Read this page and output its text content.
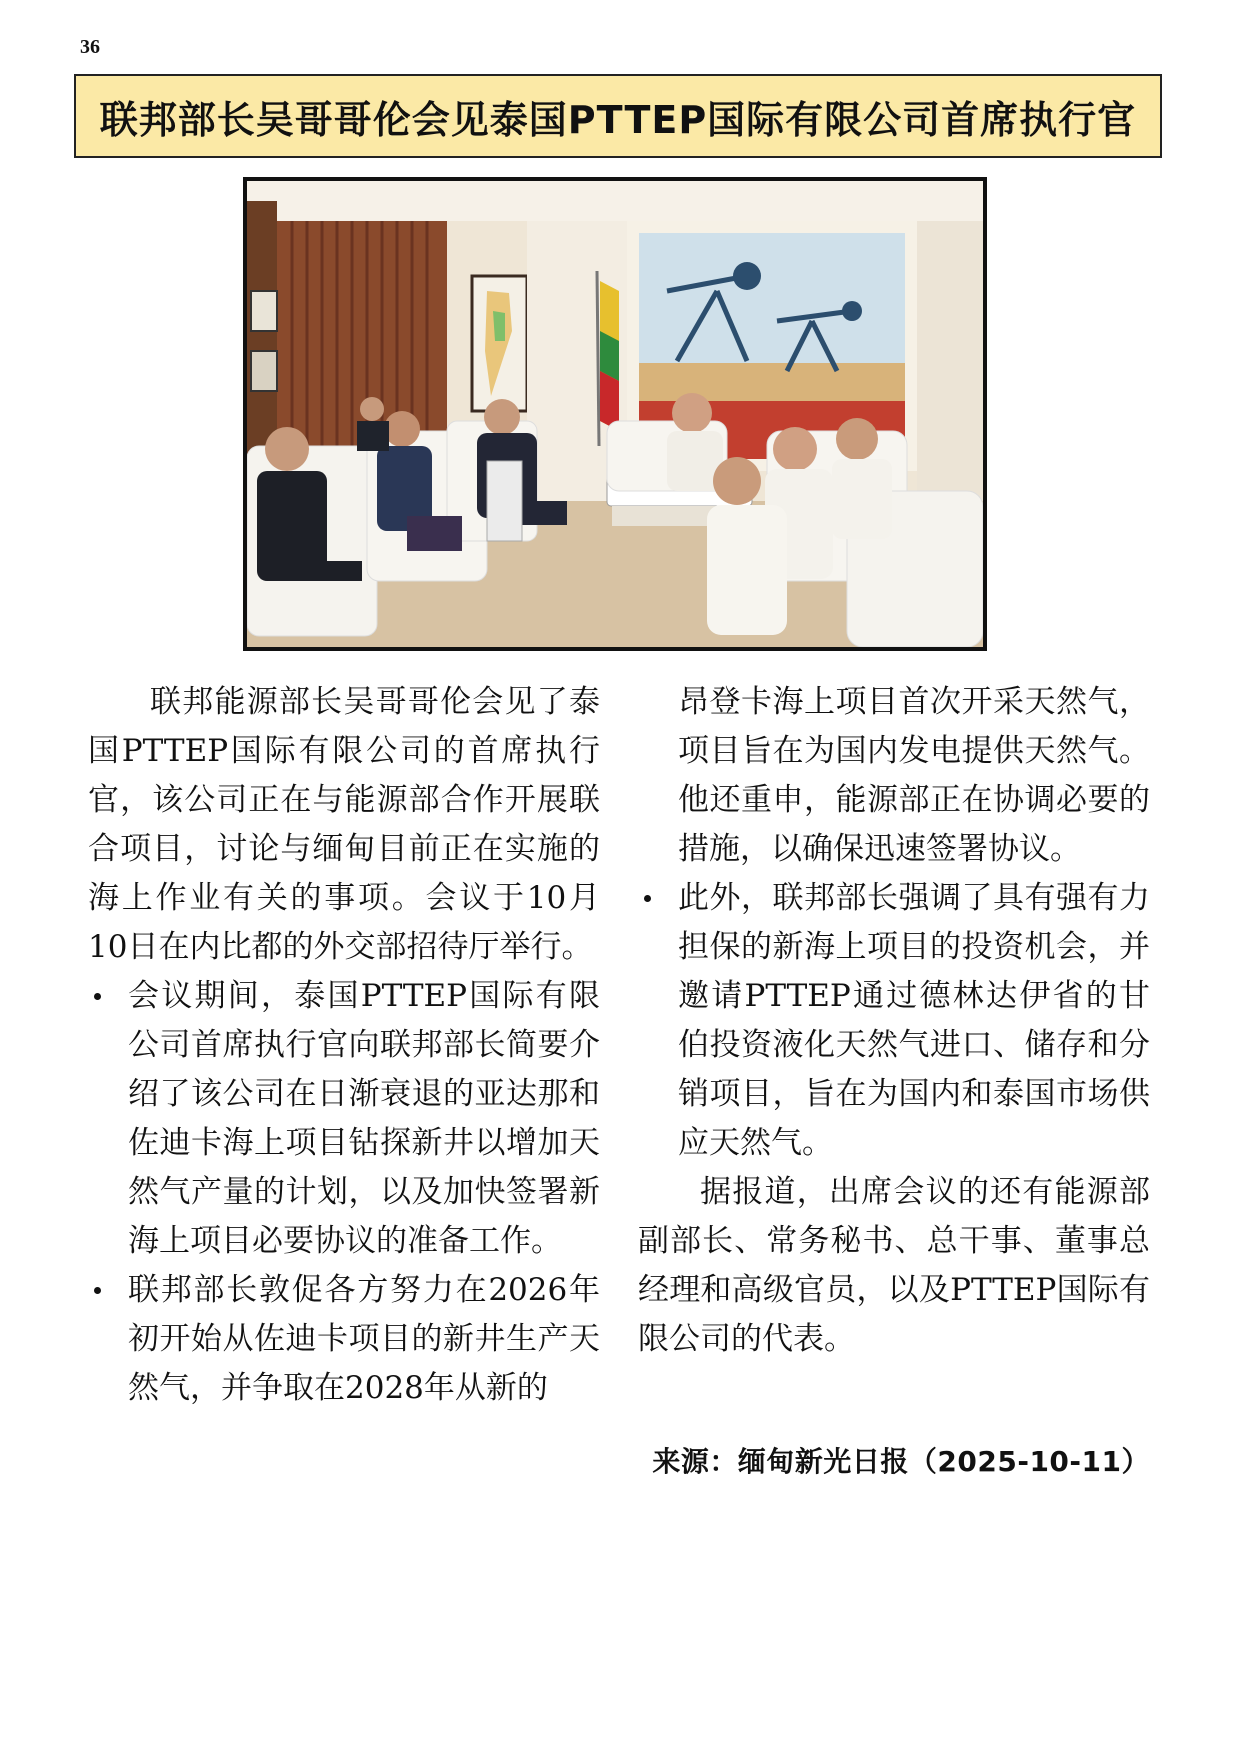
36
联邦部长吴哥哥伦会见泰国PTTEP国际有限公司首席执行官

联邦能源部长吴哥哥伦会见了泰国PTTEP国际有限公司的首席执行官，该公司正在与能源部合作开展联合项目，讨论与缅甸目前正在实施的海上作业有关的事项。会议于10月10日在内比都的外交部招待厅举行。

会议期间，泰国PTTEP国际有限公司首席执行官向联邦部长简要介绍了该公司在日渐衰退的亚达那和佐迪卡海上项目钻探新井以增加天然气产量的计划，以及加快签署新海上项目必要协议的准备工作。

联邦部长敦促各方努力在2026年初开始从佐迪卡项目的新井生产天然气，并争取在2028年从新的

昂登卡海上项目首次开采天然气，项目旨在为国内发电提供天然气。他还重申，能源部正在协调必要的措施，以确保迅速签署协议。

此外，联邦部长强调了具有强有力担保的新海上项目的投资机会，并邀请PTTEP通过德林达伊省的甘伯投资液化天然气进口、储存和分销项目，旨在为国内和泰国市场供应天然气。

据报道，出席会议的还有能源部副部长、常务秘书、总干事、董事总经理和高级官员，以及PTTEP国际有限公司的代表。

来源：缅甸新光日报（2025-10-11）
